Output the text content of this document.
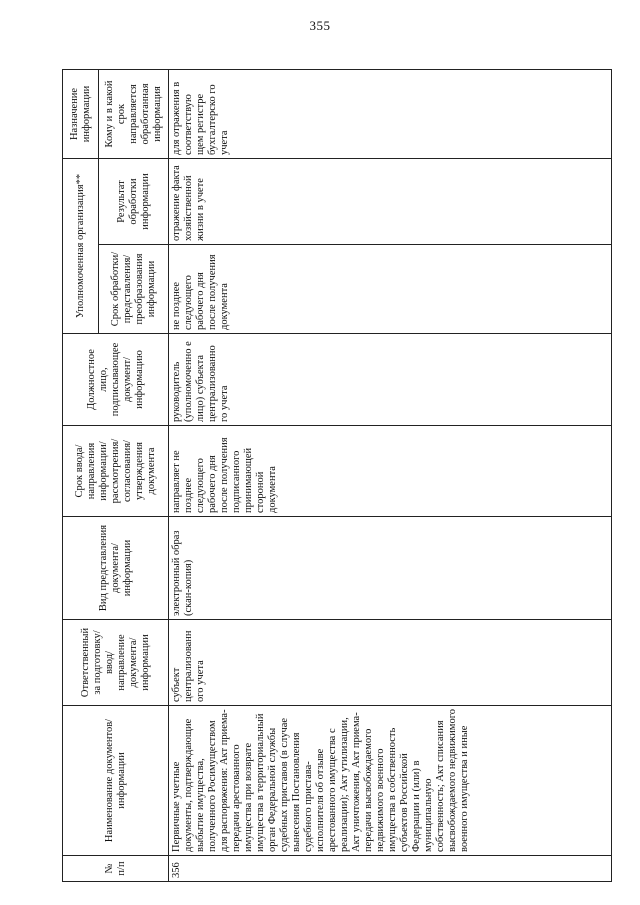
355
№
п/п	Наименование документов/информации	Ответственный за подготовку/ ввод/ направление документа/ информации	Вид представления документа/ информации	Срок ввода/ направления информации/ рассмотрения/ согласования/ утверждения документа	Должностное лицо, подписывающее документ/ информацию	Уполномоченная организация**		Назначение информации
						Срок обработки/ представления/ преобразования информации	Результат обработки информации	Кому и в какой срок направляется обработанная информация
356	Первичные учетные документы, подтверждающие выбытие имущества, полученного Росимуществом для распоряжения: Акт приема-передачи арестованного имущества при возврате имущества в территориальный орган Федеральной службы судебных приставов (в случае вынесения Постановления судебного пристава-исполнителя об отзыве арестованного имущества с реализации); Акт утилизации, Акт уничтожения, Акт приема-передачи высвобождаемого недвижимого военного имущества в собственность субъектов Российской Федерации и (или) в муниципальную собственность; Акт списания высвобождаемого недвижимого военного имущества и иные	субъект централизованн ого учета	электронный образ (скан-копия)	направляет не позднее следующего рабочего дня после получения подписанного принимающей стороной документа	руководитель (уполномоченно е лицо) субъекта централизованно го учета	не позднее следующего рабочего дня после получения документа	отражение факта хозяйственной жизни в учете	для отражения в соответствую щем регистре бухгалтерско го учета
